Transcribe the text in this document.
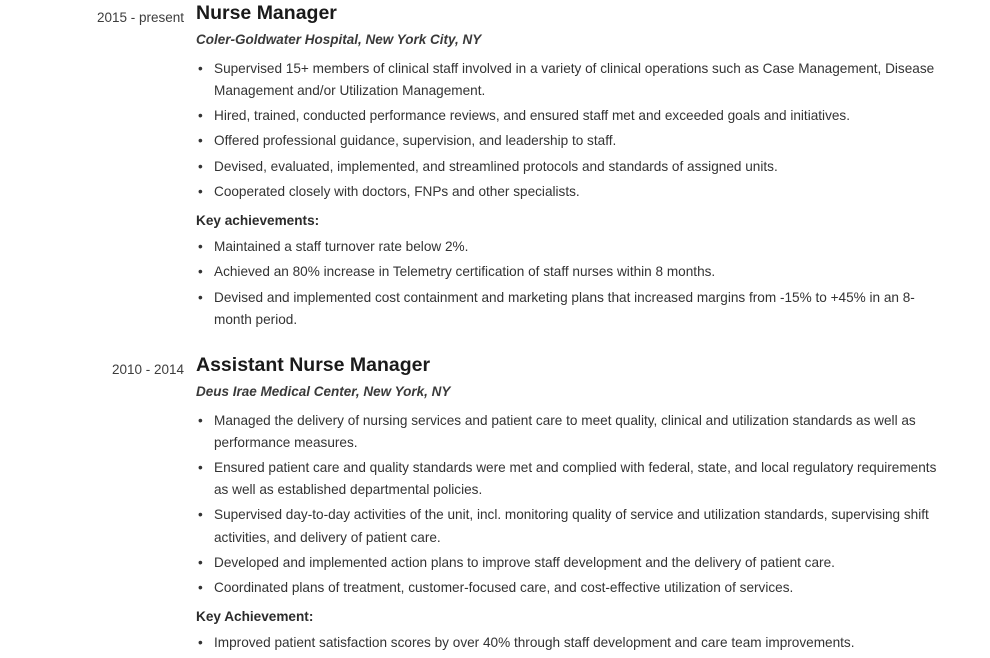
2015 - present Nurse Manager
Coler-Goldwater Hospital, New York City, NY
• Supervised 15+ members of clinical staff involved in a variety of clinical operations such as Case Management, Disease Management and/or Utilization Management.
• Hired, trained, conducted performance reviews, and ensured staff met and exceeded goals and initiatives.
• Offered professional guidance, supervision, and leadership to staff.
• Devised, evaluated, implemented, and streamlined protocols and standards of assigned units.
• Cooperated closely with doctors, FNPs and other specialists.
Key achievements:
• Maintained a staff turnover rate below 2%.
• Achieved an 80% increase in Telemetry certification of staff nurses within 8 months.
• Devised and implemented cost containment and marketing plans that increased margins from -15% to +45% in an 8-month period.
2010 - 2014 Assistant Nurse Manager
Deus Irae Medical Center, New York, NY
• Managed the delivery of nursing services and patient care to meet quality, clinical and utilization standards as well as performance measures.
• Ensured patient care and quality standards were met and complied with federal, state, and local regulatory requirements as well as established departmental policies.
• Supervised day-to-day activities of the unit, incl. monitoring quality of service and utilization standards, supervising shift activities, and delivery of patient care.
• Developed and implemented action plans to improve staff development and the delivery of patient care.
• Coordinated plans of treatment, customer-focused care, and cost-effective utilization of services.
Key Achievement:
• Improved patient satisfaction scores by over 40% through staff development and care team improvements.
